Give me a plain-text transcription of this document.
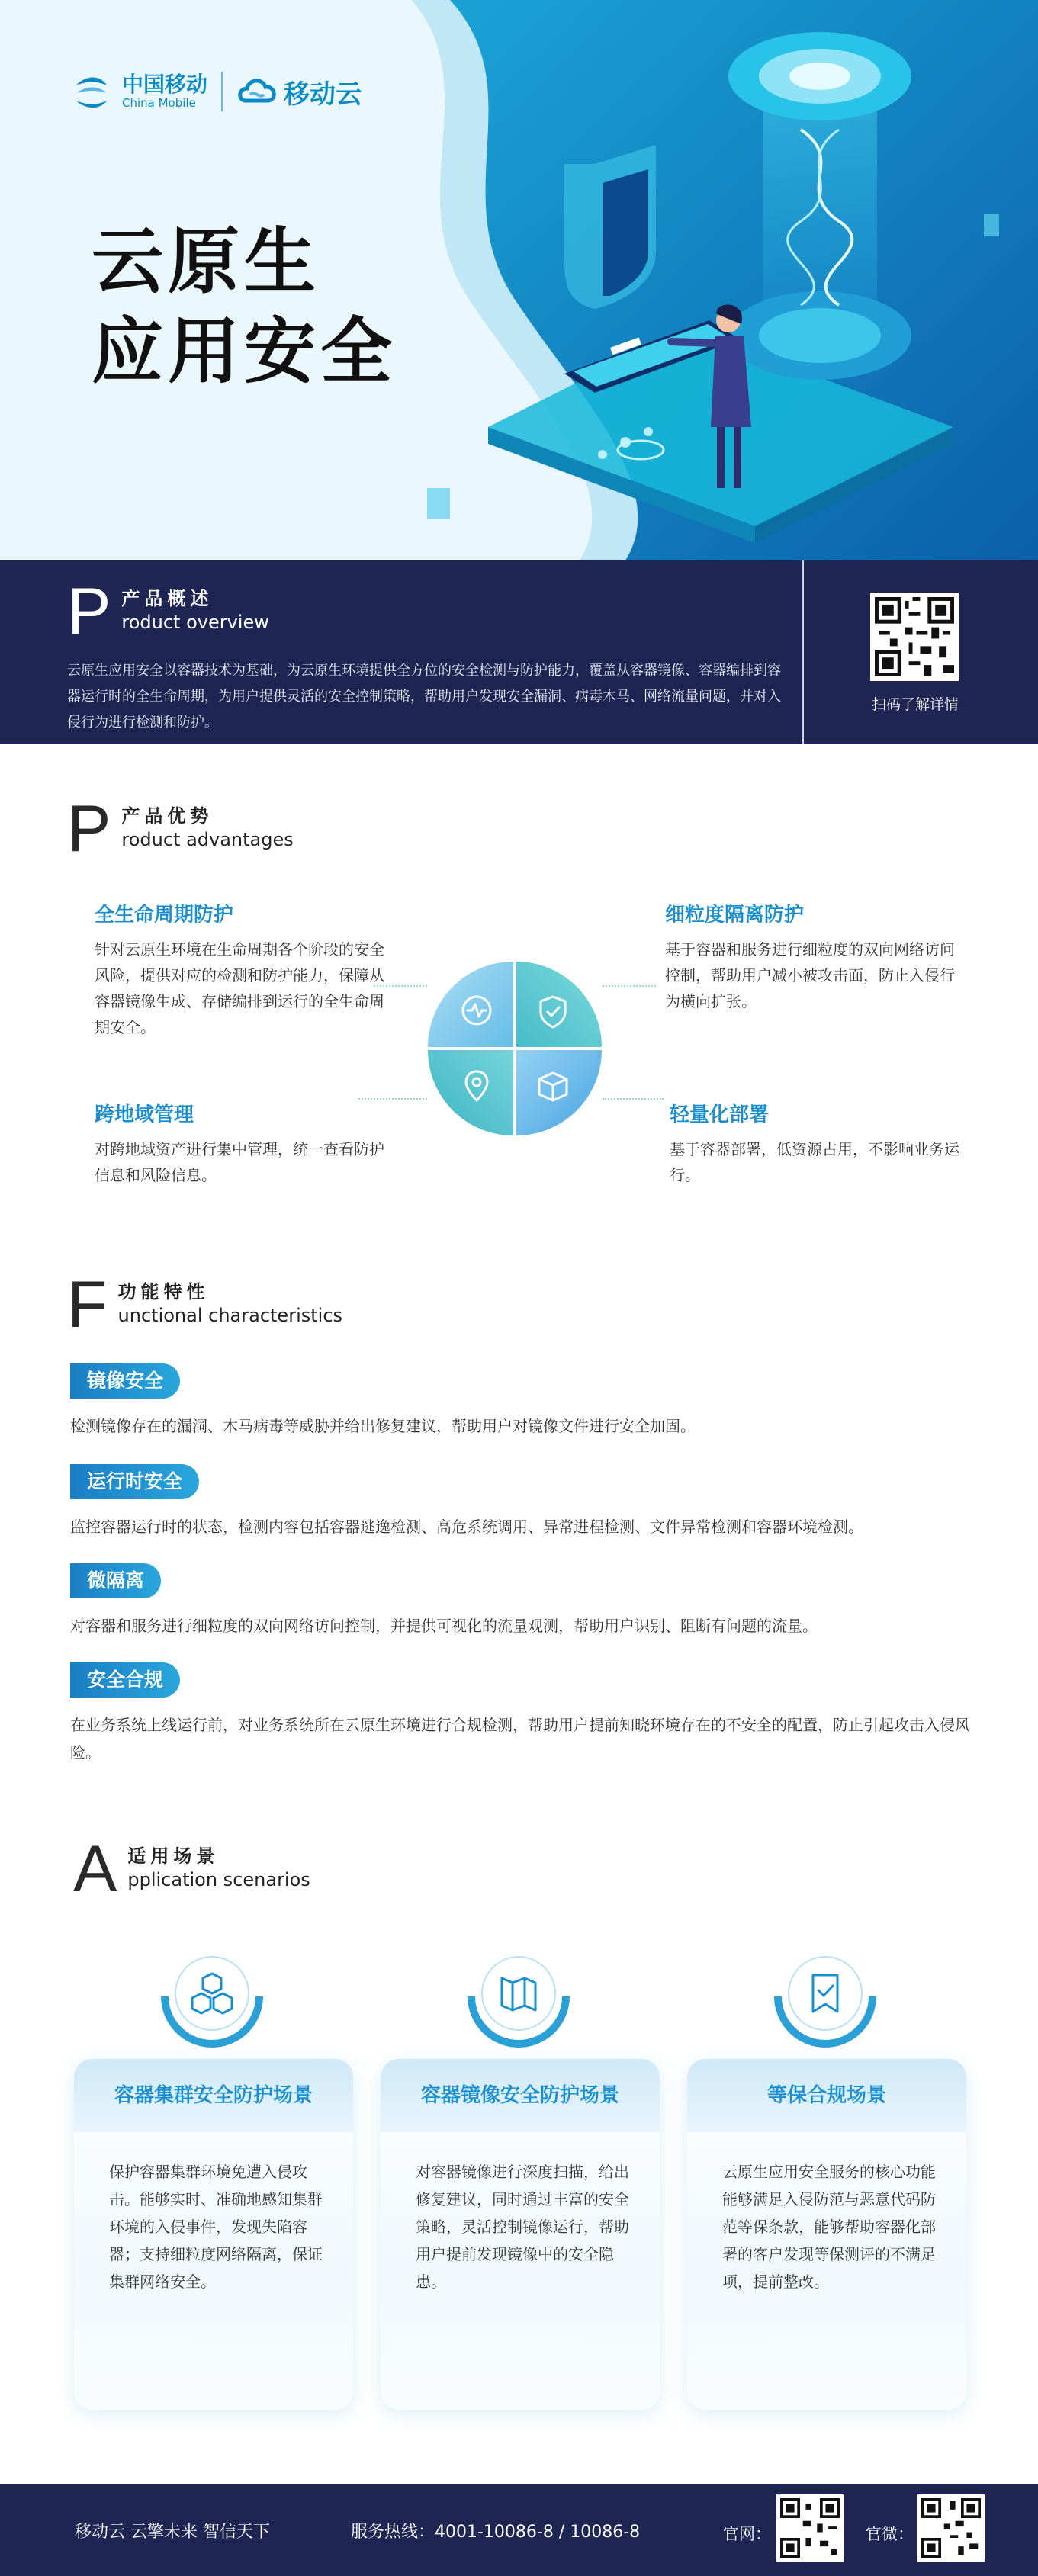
中国移动
China Mobile	移动云
云原生
应用安全
P 产品概述
roduct overview
云原生应用安全以容器技术为基础，为云原生环境提供全方位的安全检测与防护能力，覆盖从容器镜像、容器编排到容器运行时的全生命周期，为用户提供灵活的安全控制策略，帮助用户发现安全漏洞、病毒木马、网络流量问题，并对入侵行为进行检测和防护。
扫码了解详情
P 产品优势
roduct advantages
全生命周期防护
针对云原生环境在生命周期各个阶段的安全风险，提供对应的检测和防护能力，保障从容器镜像生成、存储编排到运行的全生命周期安全。
细粒度隔离防护
基于容器和服务进行细粒度的双向网络访问控制，帮助用户减小被攻击面，防止入侵行为横向扩张。
跨地域管理
对跨地域资产进行集中管理，统一查看防护信息和风险信息。
轻量化部署
基于容器部署，低资源占用，不影响业务运行。
F 功能特性
unctional characteristics
镜像安全
检测镜像存在的漏洞、木马病毒等威胁并给出修复建议，帮助用户对镜像文件进行安全加固。
运行时安全
监控容器运行时的状态，检测内容包括容器逃逸检测、高危系统调用、异常进程检测、文件异常检测和容器环境检测。
微隔离
对容器和服务进行细粒度的双向网络访问控制，并提供可视化的流量观测，帮助用户识别、阻断有问题的流量。
安全合规
在业务系统上线运行前，对业务系统所在云原生环境进行合规检测，帮助用户提前知晓环境存在的不安全的配置，防止引起攻击入侵风险。
A 适用场景
pplication scenarios
容器集群安全防护场景
保护容器集群环境免遭入侵攻击。能够实时、准确地感知集群环境的入侵事件，发现失陷容器；支持细粒度网络隔离，保证集群网络安全。
容器镜像安全防护场景
对容器镜像进行深度扫描，给出修复建议，同时通过丰富的安全策略，灵活控制镜像运行，帮助用户提前发现镜像中的安全隐患。
等保合规场景
云原生应用安全服务的核心功能能够满足入侵防范与恶意代码防范等保条款，能够帮助容器化部署的客户发现等保测评的不满足项，提前整改。
移动云 云擎未来 智信天下	服务热线：4001-10086-8 / 10086-8	官网：	官微：
